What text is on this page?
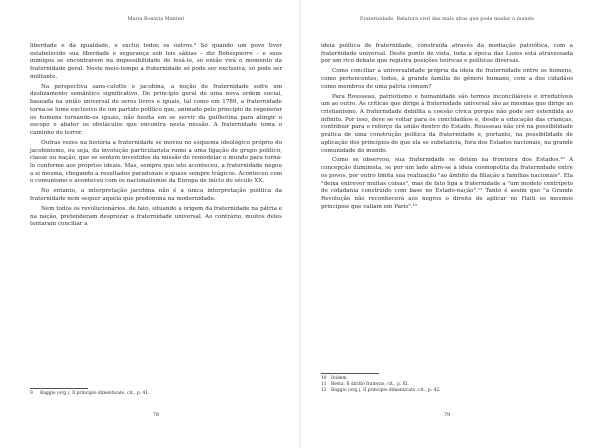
Maria Rosaria Manieri

liberdade e da igualdade, e exclui todos os outros.⁹ Só quando um povo tiver estabelecido sua liberdade e segurança sob leis sábias – diz Robespierre – e seus inimigos se encontrarem na impossibilidade de lesá-lo, só então virá o momento da fraternidade geral. Neste meio-tempo a fraternidade só pode ser exclusiva, só pode ser militante.

Na perspectiva sans-culotte e jacobina, a noção de fraternidade sofre um deslizamento semântico significativo. De princípio geral de uma nova ordem social, baseada na união universal de seres livres e iguais, tal como em 1789, a fraternidade torna-se lume exclusivo de um partido político que, animado pelo princípio de regenerar os homens tornando-os iguais, não hesita em se servir da guilhotina para atingir o escopo e abater os obstáculos que encontra nesta missão. A fraternidade toma o caminho do terror.

Outras vezes na história a fraternidade se moveu no esquema ideológico próprio do jacobinismo, ou seja, da involução particularista rumo a uma ligação de grupo político, classe ou nação, que se sentem investidos da missão de remodelar o mundo para torná-lo conforme aos próprios ideais. Mas, sempre que isto aconteceu, a fraternidade negou a si mesma, chegando a resultados paradoxais e quase sempre trágicos. Aconteceu com o comunismo e aconteceu com os nacionalismos da Europa de início do século XX.

No entanto, a interpretação jacobina não é a única interpretação política da fraternidade nem sequer aquela que predomina na modernidade.

Nem todos os revolucionários, de fato, situando a origem da fraternidade na pátria e na nação, pretenderam desprezar a fraternidade universal. Ao contrário, muitos deles tentaram conciliar a

9	Baggio (org.), Il principio dimenticato, cit., p. 41.
78
Fraternidade. Relatora civil das mais altas que pode mudar o mundo

ideia política de fraternidade, construída através da mediação patriótica, com a fraternidade universal. Deste ponto de vista, toda a época das Luzes está atravessada por um rico debate que registra posições teóricas e políticas diversas.

Como conciliar a universalidade própria da ideia de fraternidade entre os homens, como pertencentes, todos, à grande família do gênero humano, com a dos cidadãos como membros de uma pátria comum?

Para Rousseau, patriotismo e humanidade são termos inconciliáveis e irredutíveis um ao outro. As críticas que dirige à fraternidade universal são as mesmas que dirige ao cristianismo. A fraternidade debilita a coesão cívica porque não pode ser estendida ao infinito. Por isso, deve se voltar para os concidadãos e, desde a educação das crianças, contribuir para o reforço da união dentro do Estado. Rousseau não crê na possibilidade prática de uma construção política da fraternidade e, portanto, na possibilidade de aplicação dos princípios de que ela se substancia, fora dos Estados nacionais, na grande comunidade do mundo.

Como se observou, sua fraternidade se detém na fronteira dos Estados.¹⁰ A concepção iluminista, se por um lado abre-se à ideia cosmopolita da fraternidade entre os povos, por outro limita sua realização "ao âmbito da filiação a famílias nacionais". Ela "deixa entrever muitas coisas", mas de fato liga a fraternidade a "um modelo centrípeto de cidadania construído com base no Estado-nação".¹¹ Tanto é assim que "a Grande Revolução não reconhecerá aos negros o direito de aplicar no Haiti os mesmos princípios que valiam em Paris".¹²

10	Ibidem.
11	Resta, Il diritto fraterno, cit., p. XI.
12	Baggio (org.), Il principio dimenticato, cit., p. 42.
79
